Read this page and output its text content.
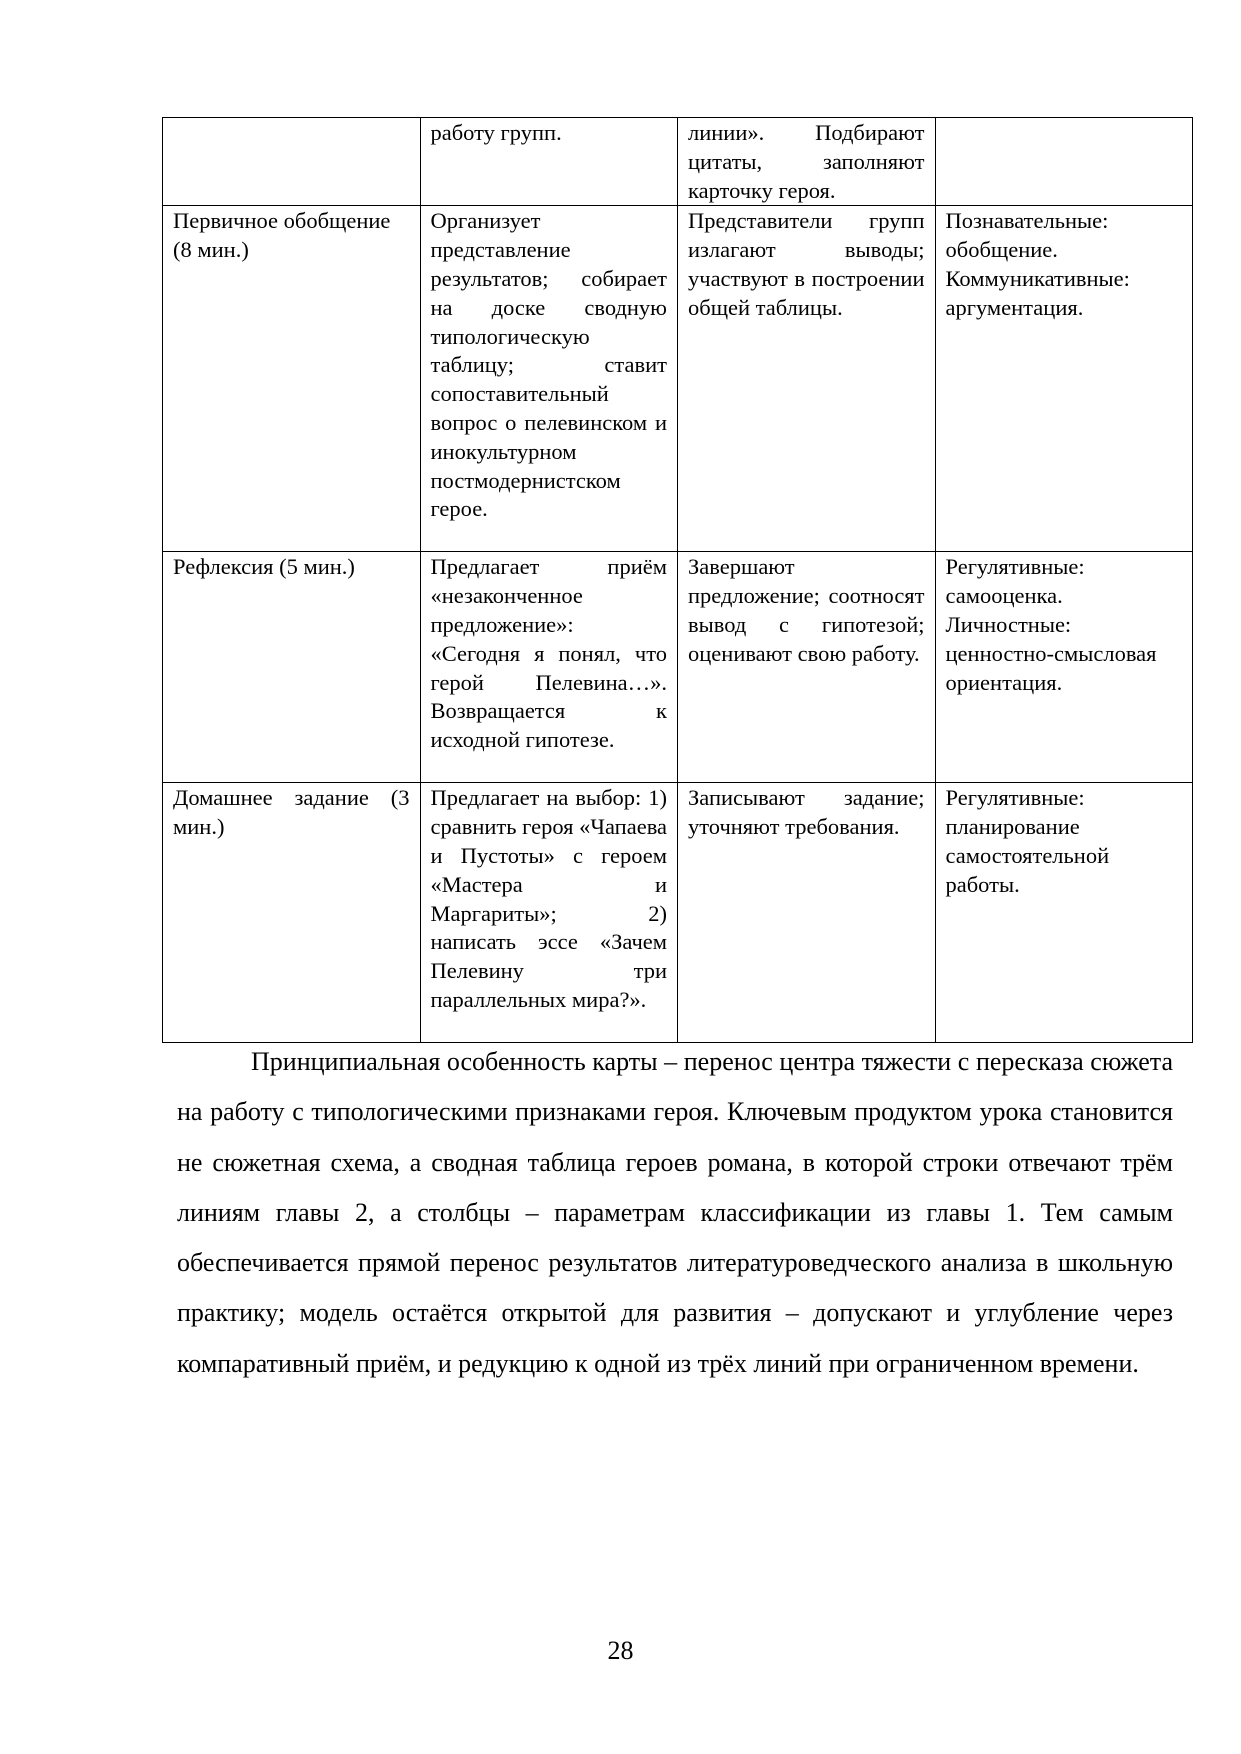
	работу групп.	линии». Подбирают цитаты, заполняют карточку героя.	
Первичное обобщение (8 мин.)	Организует представление результатов; собирает на доске сводную типологическую таблицу; ставит сопоставительный вопрос о пелевинском и инокультурном постмодернистском герое.	Представители групп излагают выводы; участвуют в построении общей таблицы.	Познавательные: обобщение. Коммуникативные: аргументация.
Рефлексия (5 мин.)	Предлагает приём «незаконченное предложение»: «Сегодня я понял, что герой Пелевина…». Возвращается к исходной гипотезе.	Завершают предложение; соотносят вывод с гипотезой; оценивают свою работу.	Регулятивные: самооценка. Личностные: ценностно-смысловая ориентация.
Домашнее задание (3 мин.)	Предлагает на выбор: 1) сравнить героя «Чапаева и Пустоты» с героем «Мастера и Маргариты»; 2) написать эссе «Зачем Пелевину три параллельных мира?».	Записывают задание; уточняют требования.	Регулятивные: планирование самостоятельной работы.

Принципиальная особенность карты – перенос центра тяжести с пересказа сюжета на работу с типологическими признаками героя. Ключевым продуктом урока становится не сюжетная схема, а сводная таблица героев романа, в которой строки отвечают трём линиям главы 2, а столбцы – параметрам классификации из главы 1. Тем самым обеспечивается прямой перенос результатов литературоведческого анализа в школьную практику; модель остаётся открытой для развития – допускают и углубление через компаративный приём, и редукцию к одной из трёх линий при ограниченном времени.

28
